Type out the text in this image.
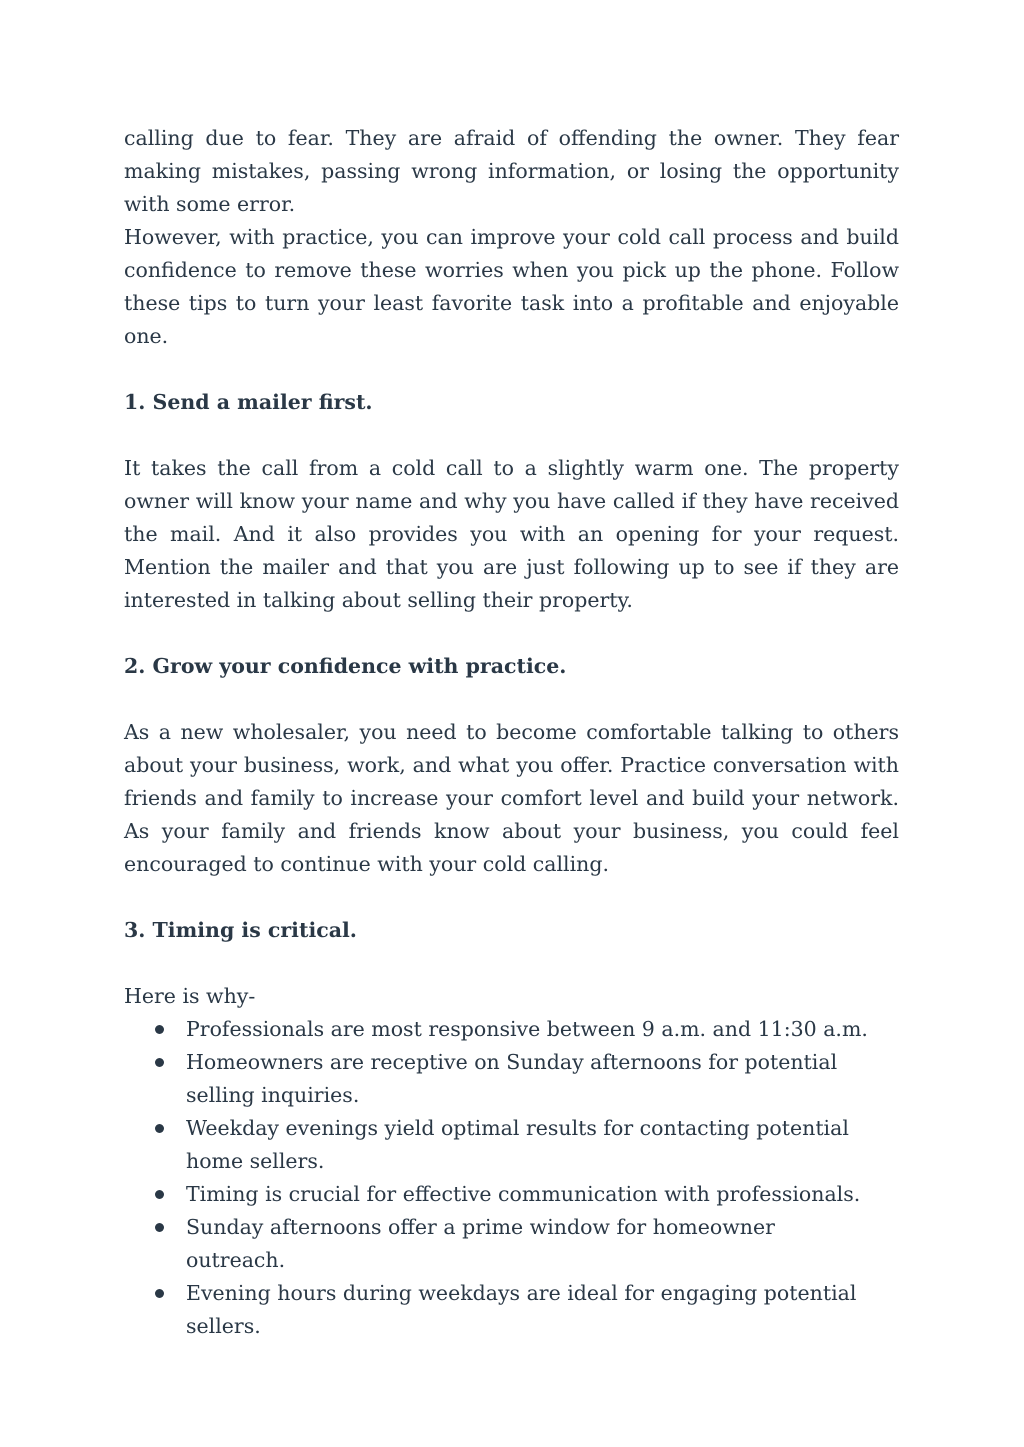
calling due to fear. They are afraid of offending the owner. They fear making mistakes, passing wrong information, or losing the opportunity with some error.

However, with practice, you can improve your cold call process and build confidence to remove these worries when you pick up the phone. Follow these tips to turn your least favorite task into a profitable and enjoyable one.

1. Send a mailer first.

It takes the call from a cold call to a slightly warm one. The property owner will know your name and why you have called if they have received the mail. And it also provides you with an opening for your request. Mention the mailer and that you are just following up to see if they are interested in talking about selling their property.

2. Grow your confidence with practice.

As a new wholesaler, you need to become comfortable talking to others about your business, work, and what you offer. Practice conversation with friends and family to increase your comfort level and build your network. As your family and friends know about your business, you could feel encouraged to continue with your cold calling.

3. Timing is critical.

Here is why-

Professionals are most responsive between 9 a.m. and 11:30 a.m.
Homeowners are receptive on Sunday afternoons for potential selling inquiries.
Weekday evenings yield optimal results for contacting potential home sellers.
Timing is crucial for effective communication with professionals.
Sunday afternoons offer a prime window for homeowner outreach.
Evening hours during weekdays are ideal for engaging potential sellers.
